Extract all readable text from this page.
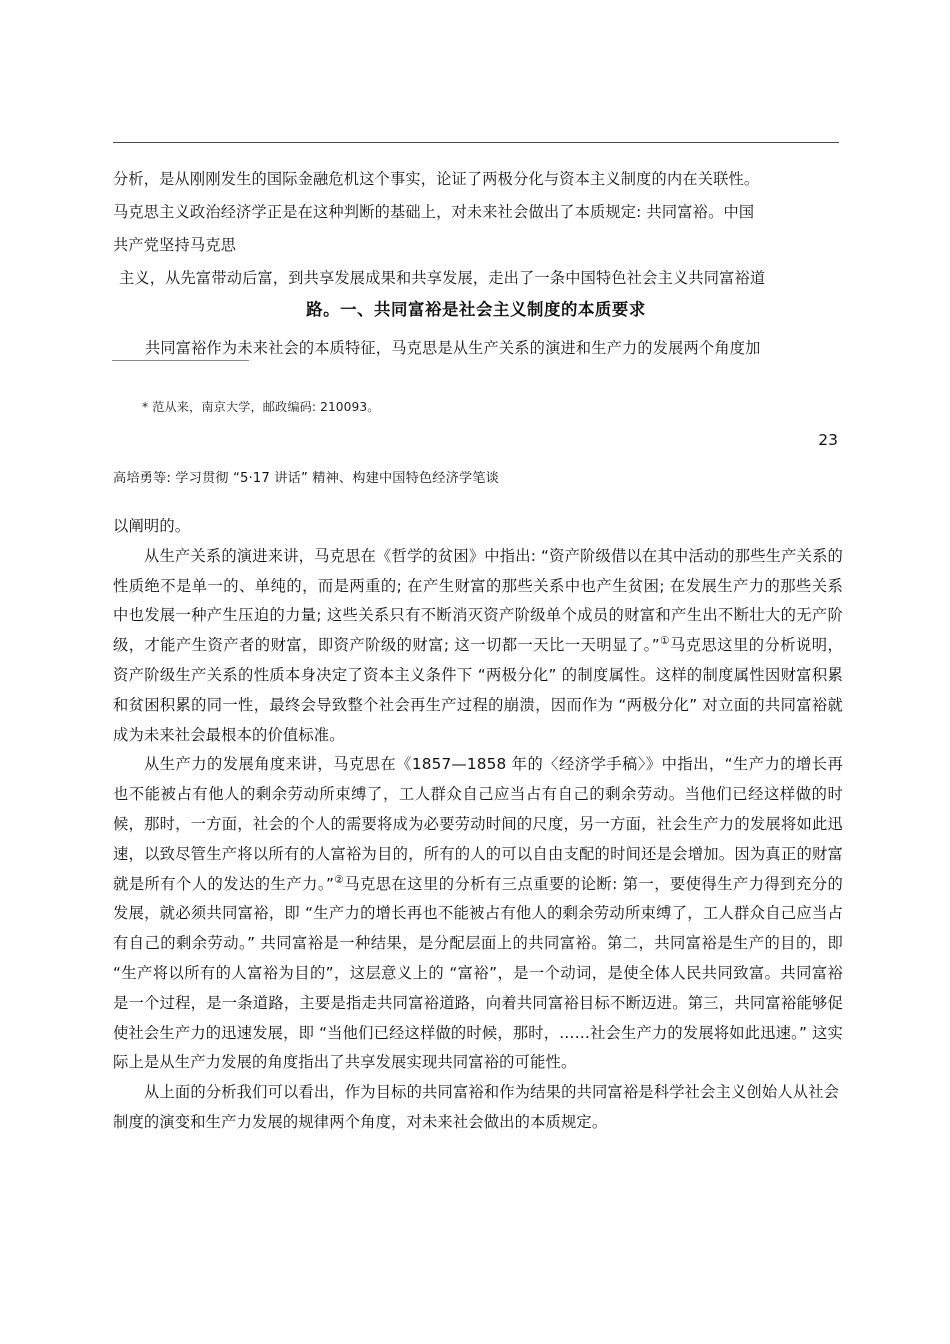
分析，是从刚刚发生的国际金融危机这个事实，论证了两极分化与资本主义制度的内在关联性。
马克思主义政治经济学正是在这种判断的基础上，对未来社会做出了本质规定: 共同富裕。中国
共产党坚持马克思
主义，从先富带动后富，到共享发展成果和共享发展，走出了一条中国特色社会主义共同富裕道
路。一、共同富裕是社会主义制度的本质要求
共同富裕作为未来社会的本质特征，马克思是从生产关系的演进和生产力的发展两个角度加
* 范从来，南京大学，邮政编码: 210093。
23
高培勇等: 学习贯彻 “5·17 讲话” 精神、构建中国特色经济学笔谈

以阐明的。

从生产关系的演进来讲，马克思在《哲学的贫困》中指出: “资产阶级借以在其中活动的那些生产关系的性质绝不是单一的、单纯的，而是两重的; 在产生财富的那些关系中也产生贫困; 在发展生产力的那些关系中也发展一种产生压迫的力量; 这些关系只有不断消灭资产阶级单个成员的财富和产生出不断壮大的无产阶级，才能产生资产者的财富，即资产阶级的财富; 这一切都一天比一天明显了。”①马克思这里的分析说明，资产阶级生产关系的性质本身决定了资本主义条件下 “两极分化” 的制度属性。这样的制度属性因财富积累和贫困积累的同一性，最终会导致整个社会再生产过程的崩溃，因而作为 “两极分化” 对立面的共同富裕就成为未来社会最根本的价值标准。

从生产力的发展角度来讲，马克思在《1857—1858 年的〈经济学手稿〉》中指出，“生产力的增长再也不能被占有他人的剩余劳动所束缚了，工人群众自己应当占有自己的剩余劳动。当他们已经这样做的时候，那时，一方面，社会的个人的需要将成为必要劳动时间的尺度，另一方面，社会生产力的发展将如此迅速，以致尽管生产将以所有的人富裕为目的，所有的人的可以自由支配的时间还是会增加。因为真正的财富就是所有个人的发达的生产力。”②马克思在这里的分析有三点重要的论断: 第一，要使得生产力得到充分的发展，就必须共同富裕，即 “生产力的增长再也不能被占有他人的剩余劳动所束缚了，工人群众自己应当占有自己的剩余劳动。” 共同富裕是一种结果，是分配层面上的共同富裕。第二，共同富裕是生产的目的，即 “生产将以所有的人富裕为目的”，这层意义上的 “富裕”，是一个动词，是使全体人民共同致富。共同富裕是一个过程，是一条道路，主要是指走共同富裕道路，向着共同富裕目标不断迈进。第三，共同富裕能够促使社会生产力的迅速发展，即 “当他们已经这样做的时候，那时，……社会生产力的发展将如此迅速。” 这实际上是从生产力发展的角度指出了共享发展实现共同富裕的可能性。

从上面的分析我们可以看出，作为目标的共同富裕和作为结果的共同富裕是科学社会主义创始人从社会制度的演变和生产力发展的规律两个角度，对未来社会做出的本质规定。
